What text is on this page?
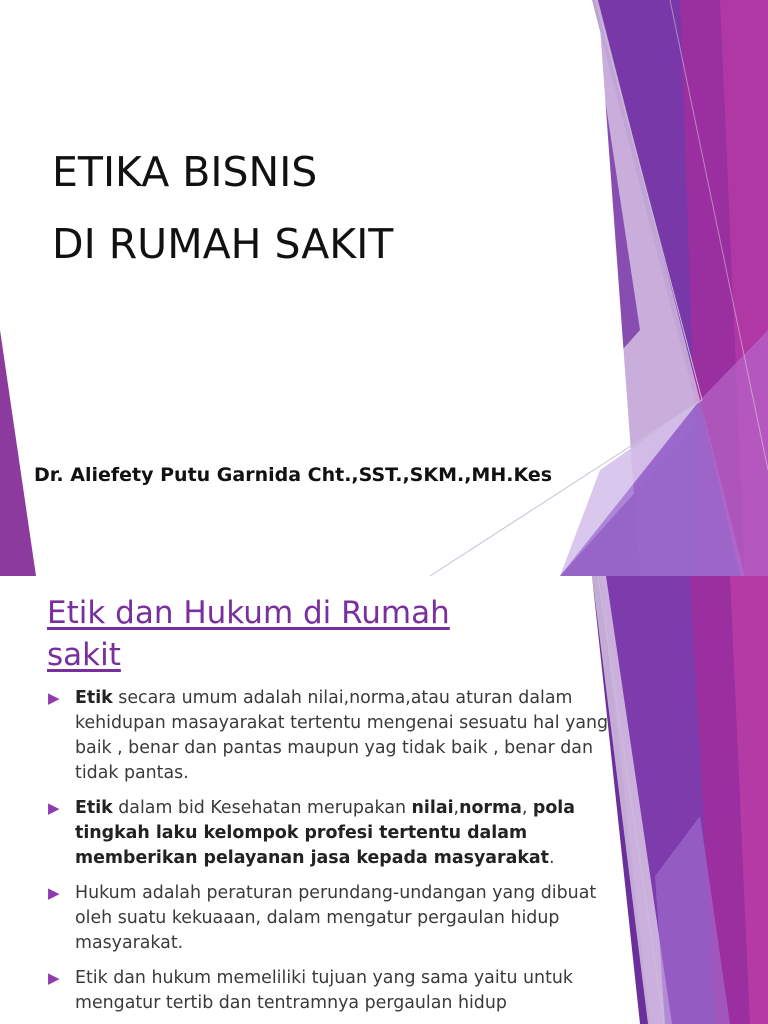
ETIKA BISNIS
DI RUMAH SAKIT

Dr. Aliefety Putu Garnida Cht.,SST.,SKM.,MH.Kes

Etik dan Hukum di Rumah sakit
▶ Etik secara umum adalah nilai,norma,atau aturan dalam kehidupan masayarakat tertentu mengenai sesuatu hal yang baik , benar dan pantas maupun yag tidak baik , benar dan tidak pantas.
▶ Etik dalam bid Kesehatan merupakan nilai,norma, pola tingkah laku kelompok profesi tertentu dalam memberikan pelayanan jasa kepada masyarakat.
▶ Hukum adalah peraturan perundang-undangan yang dibuat oleh suatu kekuaaan, dalam mengatur pergaulan hidup masyarakat.
▶ Etik dan hukum memeliliki tujuan yang sama yaitu untuk mengatur tertib dan tentramnya pergaulan hidup
